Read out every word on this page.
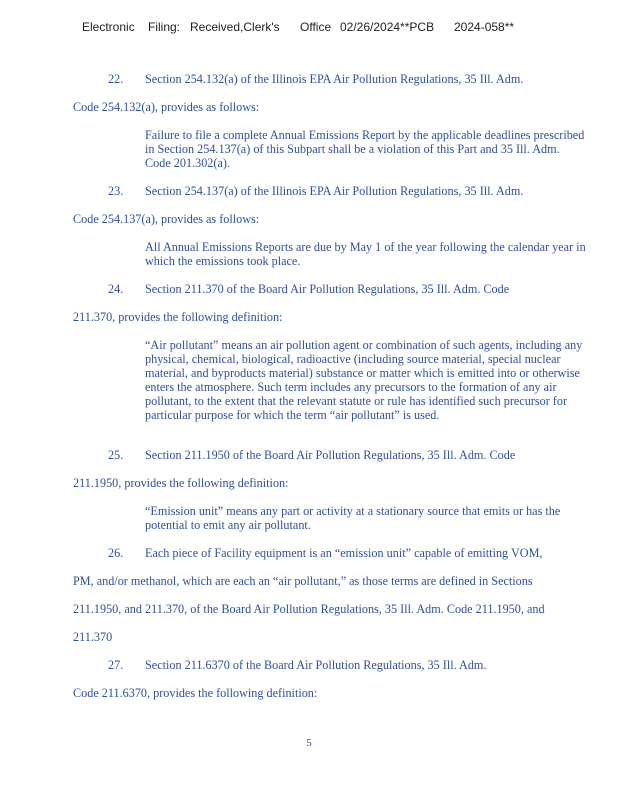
Electronic Filing: Received,Clerk's Office 02/26/2024**PCB 2024-058**
22. Section 254.132(a) of the Illinois EPA Air Pollution Regulations, 35 Ill. Adm.
Code 254.132(a), provides as follows:
Failure to file a complete Annual Emissions Report by the applicable deadlines prescribed in Section 254.137(a) of this Subpart shall be a violation of this Part and 35 Ill. Adm. Code 201.302(a).
23. Section 254.137(a) of the Illinois EPA Air Pollution Regulations, 35 Ill. Adm.
Code 254.137(a), provides as follows:
All Annual Emissions Reports are due by May 1 of the year following the calendar year in which the emissions took place.
24. Section 211.370 of the Board Air Pollution Regulations, 35 Ill. Adm. Code
211.370, provides the following definition:
“Air pollutant” means an air pollution agent or combination of such agents, including any physical, chemical, biological, radioactive (including source material, special nuclear material, and byproducts material) substance or matter which is emitted into or otherwise enters the atmosphere. Such term includes any precursors to the formation of any air pollutant, to the extent that the relevant statute or rule has identified such precursor for particular purpose for which the term “air pollutant” is used.
25. Section 211.1950 of the Board Air Pollution Regulations, 35 Ill. Adm. Code
211.1950, provides the following definition:
“Emission unit” means any part or activity at a stationary source that emits or has the potential to emit any air pollutant.
26. Each piece of Facility equipment is an “emission unit” capable of emitting VOM,
PM, and/or methanol, which are each an “air pollutant,” as those terms are defined in Sections
211.1950, and 211.370, of the Board Air Pollution Regulations, 35 Ill. Adm. Code 211.1950, and
211.370
27. Section 211.6370 of the Board Air Pollution Regulations, 35 Ill. Adm.
Code 211.6370, provides the following definition:
5
